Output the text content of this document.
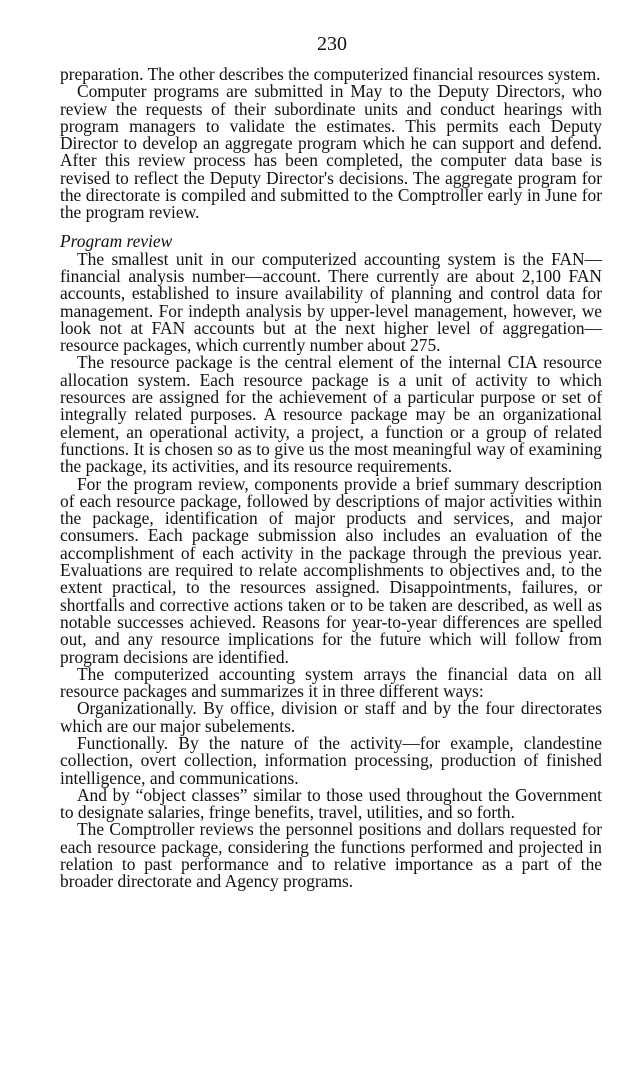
230

preparation. The other describes the computerized financial resources system.

Computer programs are submitted in May to the Deputy Directors, who review the requests of their subordinate units and conduct hearings with program managers to validate the estimates. This permits each Deputy Director to develop an aggregate program which he can support and defend. After this review process has been completed, the computer data base is revised to reflect the Deputy Director's decisions. The aggregate program for the directorate is compiled and submitted to the Comptroller early in June for the program review.

Program review

The smallest unit in our computerized accounting system is the FAN—financial analysis number—account. There currently are about 2,100 FAN accounts, established to insure availability of planning and control data for management. For indepth analysis by upper-level management, however, we look not at FAN accounts but at the next higher level of aggregation—resource packages, which currently number about 275.

The resource package is the central element of the internal CIA resource allocation system. Each resource package is a unit of activity to which resources are assigned for the achievement of a particular purpose or set of integrally related purposes. A resource package may be an organizational element, an operational activity, a project, a function or a group of related functions. It is chosen so as to give us the most meaningful way of examining the package, its activities, and its resource requirements.

For the program review, components provide a brief summary description of each resource package, followed by descriptions of major activities within the package, identification of major products and services, and major consumers. Each package submission also includes an evaluation of the accomplishment of each activity in the package through the previous year. Evaluations are required to relate accomplishments to objectives and, to the extent practical, to the resources assigned. Disappointments, failures, or shortfalls and corrective actions taken or to be taken are described, as well as notable successes achieved. Reasons for year-to-year differences are spelled out, and any resource implications for the future which will follow from program decisions are identified.

The computerized accounting system arrays the financial data on all resource packages and summarizes it in three different ways:

Organizationally. By office, division or staff and by the four directorates which are our major subelements.

Functionally. By the nature of the activity—for example, clandestine collection, overt collection, information processing, production of finished intelligence, and communications.

And by “object classes” similar to those used throughout the Government to designate salaries, fringe benefits, travel, utilities, and so forth.

The Comptroller reviews the personnel positions and dollars requested for each resource package, considering the functions performed and projected in relation to past performance and to relative importance as a part of the broader directorate and Agency programs.
